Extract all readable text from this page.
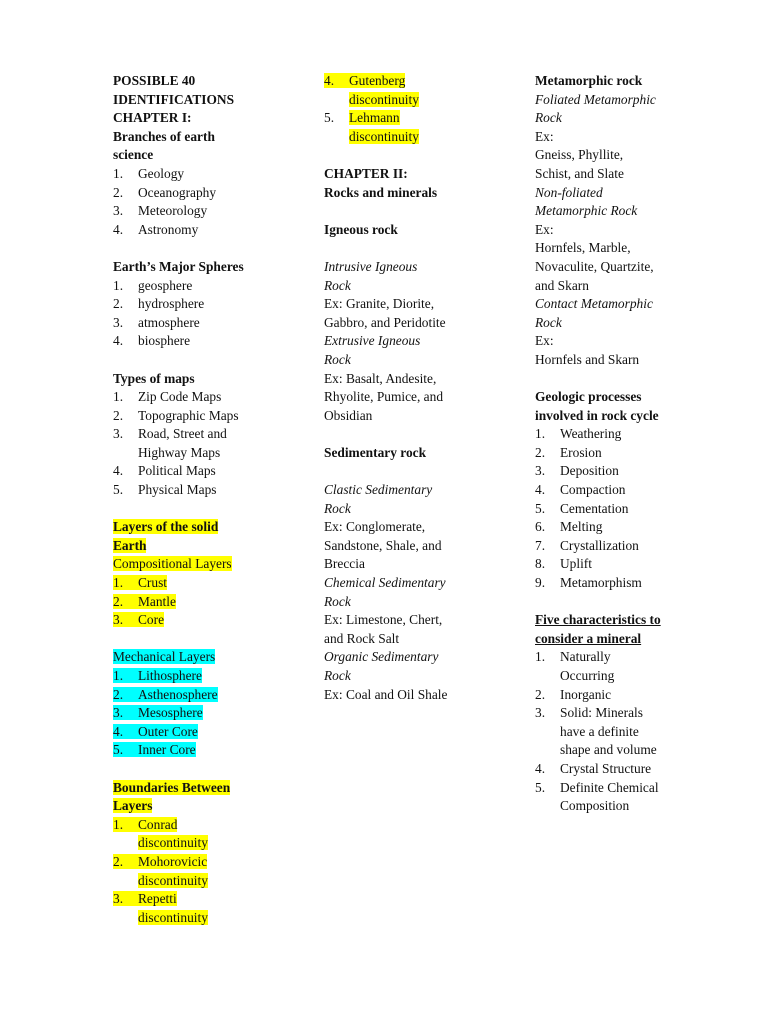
POSSIBLE 40
IDENTIFICATIONS
CHAPTER I:
Branches of earth
science
1. Geology
2. Oceanography
3. Meteorology
4. Astronomy
Earth’s Major Spheres
1. geosphere
2. hydrosphere
3. atmosphere
4. biosphere
Types of maps
1. Zip Code Maps
2. Topographic Maps
3. Road, Street and
Highway Maps
4. Political Maps
5. Physical Maps
Layers of the solid
Earth
Compositional Layers
1. Crust
2. Mantle
3. Core
Mechanical Layers
1. Lithosphere
2. Asthenosphere
3. Mesosphere
4. Outer Core
5. Inner Core
Boundaries Between
Layers
1. Conrad
discontinuity
2. Mohorovicic
discontinuity
3. Repetti
discontinuity
4. Gutenberg
discontinuity
5. Lehmann
discontinuity
CHAPTER II:
Rocks and minerals
Igneous rock
Intrusive Igneous
Rock
Ex: Granite, Diorite,
Gabbro, and Peridotite
Extrusive Igneous
Rock
Ex: Basalt, Andesite,
Rhyolite, Pumice, and
Obsidian
Sedimentary rock
Clastic Sedimentary
Rock
Ex: Conglomerate,
Sandstone, Shale, and
Breccia
Chemical Sedimentary
Rock
Ex: Limestone, Chert,
and Rock Salt
Organic Sedimentary
Rock
Ex: Coal and Oil Shale
Metamorphic rock
Foliated Metamorphic
Rock
Ex:
Gneiss, Phyllite,
Schist, and Slate
Non-foliated
Metamorphic Rock
Ex:
Hornfels, Marble,
Novaculite, Quartzite,
and Skarn
Contact Metamorphic
Rock
Ex:
Hornfels and Skarn
Geologic processes
involved in rock cycle
1. Weathering
2. Erosion
3. Deposition
4. Compaction
5. Cementation
6. Melting
7. Crystallization
8. Uplift
9. Metamorphism
Five characteristics to
consider a mineral
1. Naturally
Occurring
2. Inorganic
3. Solid: Minerals
have a definite
shape and volume
4. Crystal Structure
5. Definite Chemical
Composition
